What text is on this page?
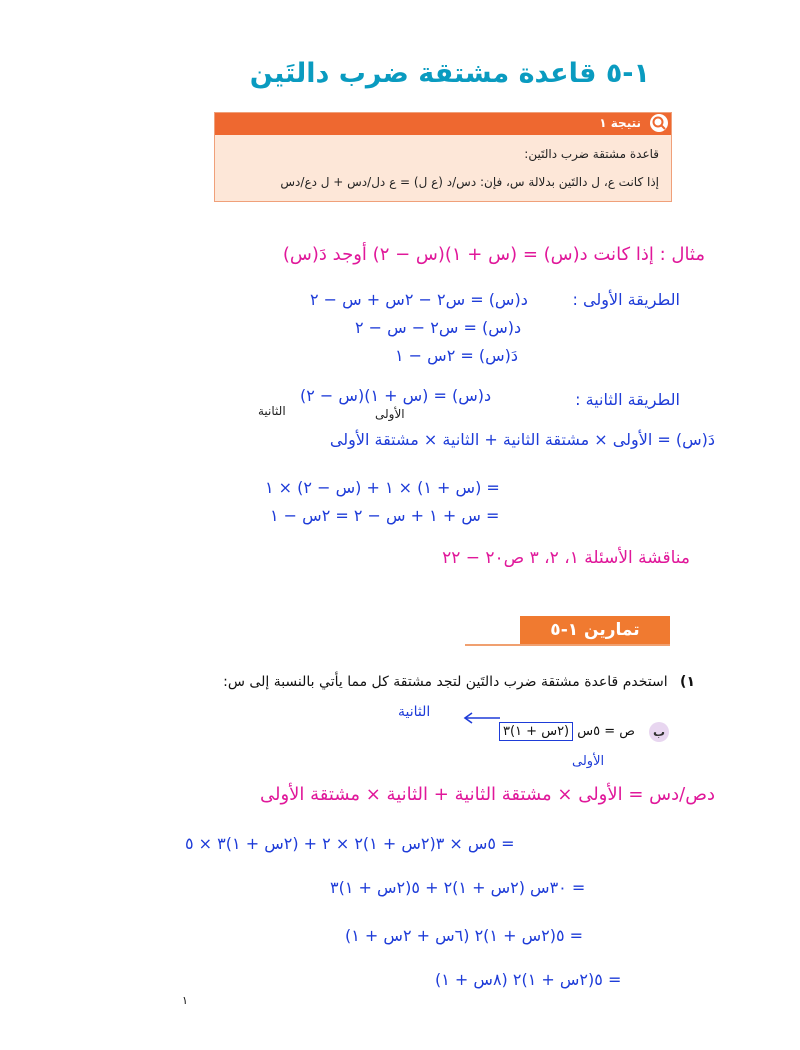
١-٥ قاعدة مشتقة ضرب دالتَين
نتيجة ١
قاعدة مشتقة ضرب دالتَين:
إذا كانت ع، ل دالتَين بدلالة س، فإن: دس/د (ع ل) = ع دل/دس + ل دع/دس
مثال : إذا كانت د(س) = (س + ١)(س − ٢) أوجد دَ(س)
الطريقة الأولى :
د(س) = س٢ − ٢س + س − ٢
د(س) = س٢ − س − ٢
دَ(س) = ٢س − ١
الطريقة الثانية :
د(س) = (س + ١)(س − ٢)
الأولى
الثانية
دَ(س) = الأولى × مشتقة الثانية + الثانية × مشتقة الأولى
= (س + ١) × ١ + (س − ٢) × ١
= س + ١ + س − ٢ = ٢س − ١
مناقشة الأسئلة ١، ٢، ٣ ص٢٠ − ٢٢
تمارين ١-٥
١) استخدم قاعدة مشتقة ضرب دالتَين لتجد مشتقة كل مما يأتي بالنسبة إلى س:
الثانية
ب
ص = ٥س (٢س + ١)٣
الأولى
دص/دس = الأولى × مشتقة الثانية + الثانية × مشتقة الأولى
= ٥س × ٣(٢س + ١)٢ × ٢ + (٢س + ١)٣ × ٥
= ٣٠س (٢س + ١)٢ + ٥(٢س + ١)٣
= ٥(٢س + ١)٢ (٦س + ٢س + ١)
= ٥(٢س + ١)٢ (٨س + ١)
١
